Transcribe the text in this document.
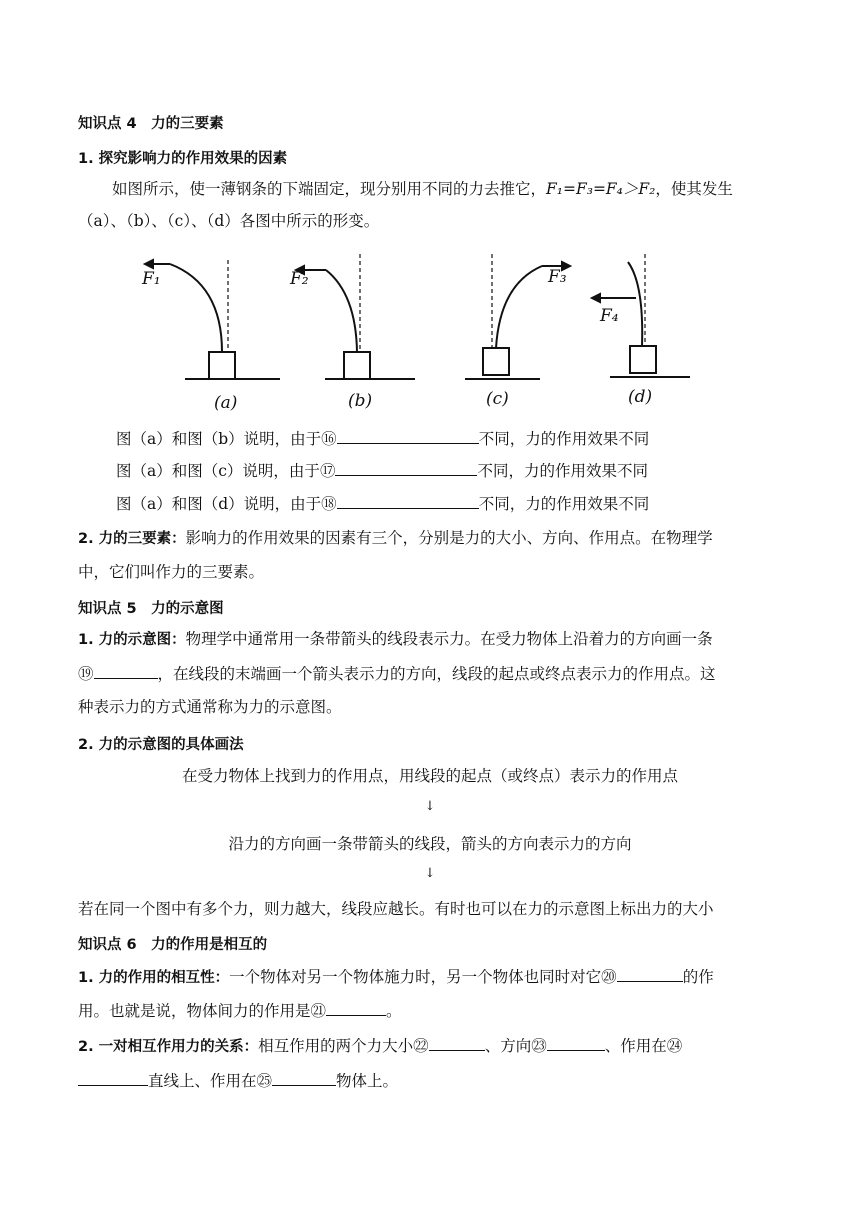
知识点 4　力的三要素
1. 探究影响力的作用效果的因素
如图所示，使一薄钢条的下端固定，现分别用不同的力去推它，F₁=F₃=F₄＞F₂，使其发生
（a）、（b）、（c）、（d）各图中所示的形变。
F₁	F₂	F₃
F₄
(a)	(b)	(c)	(d)
图（a）和图（b）说明，由于⑯	不同，力的作用效果不同
图（a）和图（c）说明，由于⑰	不同，力的作用效果不同
图（a）和图（d）说明，由于⑱	不同，力的作用效果不同
2. 力的三要素：影响力的作用效果的因素有三个，分别是力的大小、方向、作用点。在物理学
中，它们叫作力的三要素。
知识点 5　力的示意图
1. 力的示意图：物理学中通常用一条带箭头的线段表示力。在受力物体上沿着力的方向画一条
⑲	，在线段的末端画一个箭头表示力的方向，线段的起点或终点表示力的作用点。这
种表示力的方式通常称为力的示意图。
2. 力的示意图的具体画法
在受力物体上找到力的作用点，用线段的起点（或终点）表示力的作用点
↓
沿力的方向画一条带箭头的线段，箭头的方向表示力的方向
↓
若在同一个图中有多个力，则力越大，线段应越长。有时也可以在力的示意图上标出力的大小
知识点 6　力的作用是相互的
1. 力的作用的相互性：一个物体对另一个物体施力时，另一个物体也同时对它⑳	的作
用。也就是说，物体间力的作用是㉑	。
2. 一对相互作用力的关系：相互作用的两个力大小㉒	、方向㉓	、作用在㉔
直线上、作用在㉕	物体上。
